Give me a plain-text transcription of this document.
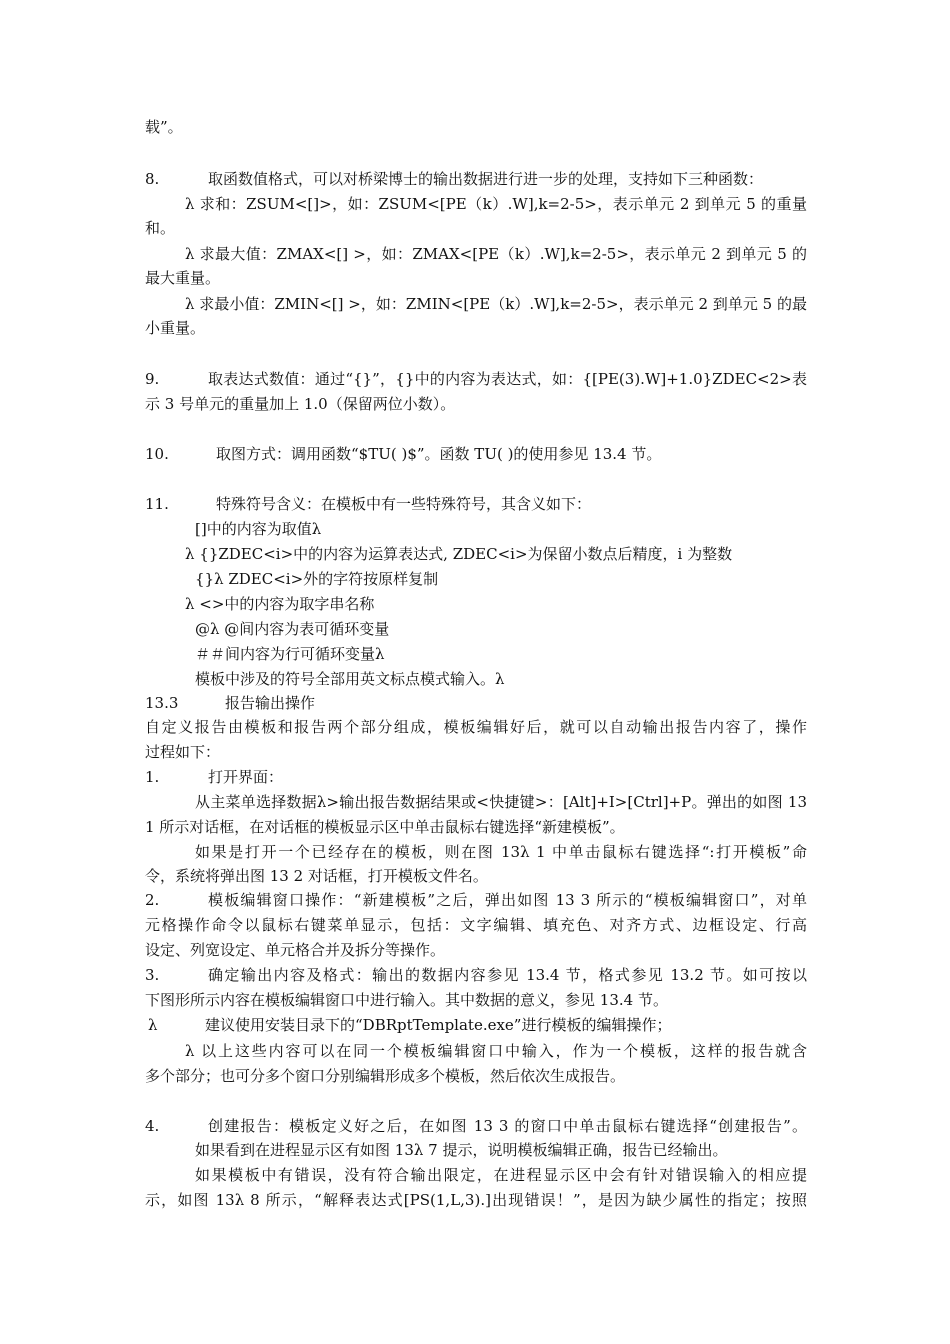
载”。
8.	取函数值格式，可以对桥梁博士的输出数据进行进一步的处理，支持如下三种函数：
λ 求和：ZSUM<[]>，如：ZSUM<[PE（k）.W],k=2-5>，表示单元 2 到单元 5 的重量
和。
λ 求最大值：ZMAX<[] >，如：ZMAX<[PE（k）.W],k=2-5>，表示单元 2 到单元 5 的
最大重量。
λ 求最小值：ZMIN<[] >，如：ZMIN<[PE（k）.W],k=2-5>，表示单元 2 到单元 5 的最
小重量。
9.	取表达式数值：通过“{}”，{}中的内容为表达式，如：{[PE(3).W]+1.0}ZDEC<2>表
示 3 号单元的重量加上 1.0（保留两位小数）。
10.	取图方式：调用函数“$TU( )$”。函数 TU( )的使用参见 13.4 节。
11.	特殊符号含义：在模板中有一些特殊符号，其含义如下：
[]中的内容为取值λ
λ {}ZDEC<i>中的内容为运算表达式, ZDEC<i>为保留小数点后精度，i 为整数
{}λ ZDEC<i>外的字符按原样复制
λ <>中的内容为取字串名称
@λ @间内容为表可循环变量
＃＃间内容为行可循环变量λ
模板中涉及的符号全部用英文标点模式输入。λ
13.3	报告输出操作
自定义报告由模板和报告两个部分组成，模板编辑好后，就可以自动输出报告内容了，操作
过程如下：
1.	打开界面：
从主菜单选择数据λ>输出报告数据结果或<快捷键>：[Alt]+I>[Ctrl]+P。弹出的如图 13
1 所示对话框，在对话框的模板显示区中单击鼠标右键选择“新建模板”。
如果是打开一个已经存在的模板，则在图 13λ 1 中单击鼠标右键选择“:打开模板”命
令，系统将弹出图 13 2 对话框，打开模板文件名。
2.	模板编辑窗口操作：“新建模板”之后，弹出如图 13 3 所示的“模板编辑窗口”，对单
元格操作命令以鼠标右键菜单显示，包括：文字编辑、填充色、对齐方式、边框设定、行高
设定、列宽设定、单元格合并及拆分等操作。
3.	确定输出内容及格式：输出的数据内容参见 13.4 节，格式参见 13.2 节。如可按以
下图形所示内容在模板编辑窗口中进行输入。其中数据的意义，参见 13.4 节。
λ	建议使用安装目录下的“DBRptTemplate.exe”进行模板的编辑操作；
λ 以上这些内容可以在同一个模板编辑窗口中输入，作为一个模板，这样的报告就含
多个部分；也可分多个窗口分别编辑形成多个模板，然后依次生成报告。
4.	创建报告：模板定义好之后，在如图 13 3 的窗口中单击鼠标右键选择“创建报告”。
如果看到在进程显示区有如图 13λ 7 提示，说明模板编辑正确，报告已经输出。
如果模板中有错误，没有符合输出限定，在进程显示区中会有针对错误输入的相应提
示，如图 13λ 8 所示，“解释表达式[PS(1,L,3).]出现错误！”，是因为缺少属性的指定；按照
